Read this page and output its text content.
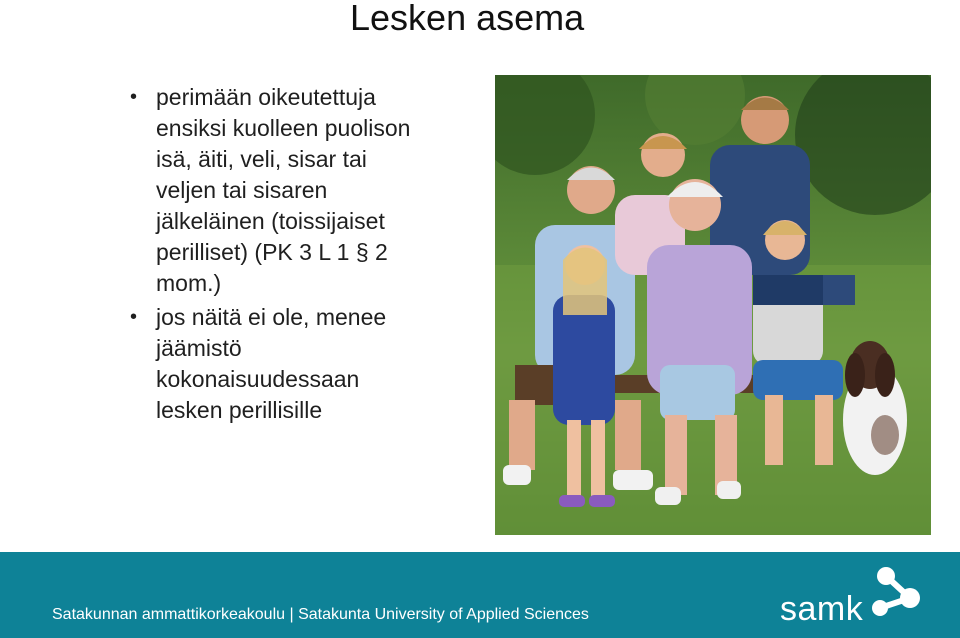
Lesken asema
• perimään oikeutettuja
ensiksi kuolleen puolison
isä, äiti, veli, sisar tai
veljen tai sisaren
jälkeläinen (toissijaiset
perilliset) (PK 3 L 1 § 2
mom.)
• jos näitä ei ole, menee
jäämistö
kokonaisuudessaan
lesken perillisille
Satakunnan ammattikorkeakoulu | Satakunta University of Applied Sciences	samk
